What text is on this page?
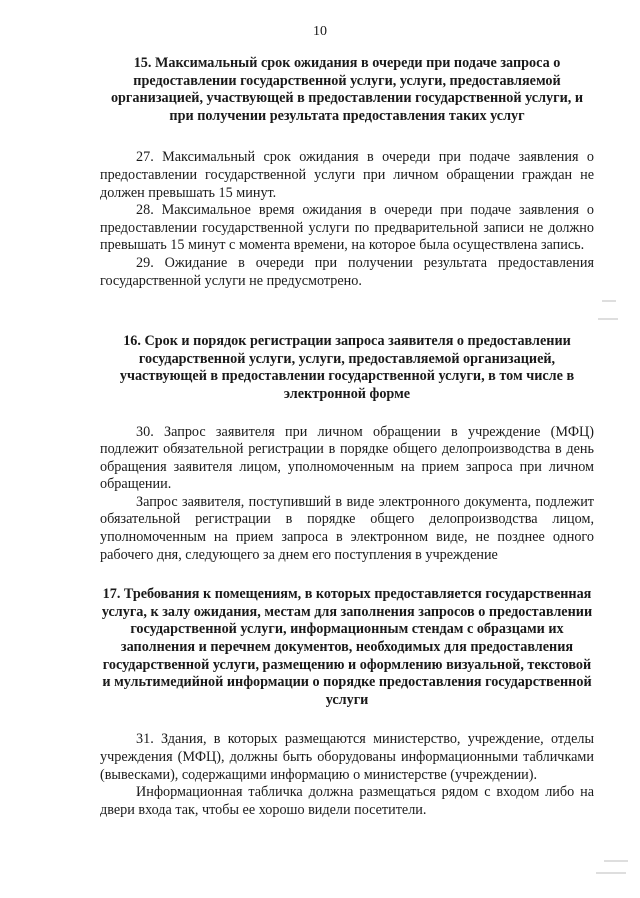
10

15. Максимальный срок ожидания в очереди при подаче запроса о предоставлении государственной услуги, услуги, предоставляемой организацией, участвующей в предоставлении государственной услуги, и при получении результата предоставления таких услуг

27. Максимальный срок ожидания в очереди при подаче заявления о предоставлении государственной услуги при личном обращении граждан не должен превышать 15 минут.

28. Максимальное время ожидания в очереди при подаче заявления о предоставлении государственной услуги по предварительной записи не должно превышать 15 минут с момента времени, на которое была осуществлена запись.

29. Ожидание в очереди при получении результата предоставления государственной услуги не предусмотрено.

16. Срок и порядок регистрации запроса заявителя о предоставлении государственной услуги, услуги, предоставляемой организацией, участвующей в предоставлении государственной услуги, в том числе в электронной форме

30. Запрос заявителя при личном обращении в учреждение (МФЦ) подлежит обязательной регистрации в порядке общего делопроизводства в день обращения заявителя лицом, уполномоченным на прием запроса при личном обращении.

Запрос заявителя, поступивший в виде электронного документа, подлежит обязательной регистрации в порядке общего делопроизводства лицом, уполномоченным на прием запроса в электронном виде, не позднее одного рабочего дня, следующего за днем его поступления в учреждение

17. Требования к помещениям, в которых предоставляется государственная услуга, к залу ожидания, местам для заполнения запросов о предоставлении государственной услуги, информационным стендам с образцами их заполнения и перечнем документов, необходимых для предоставления государственной услуги, размещению и оформлению визуальной, текстовой и мультимедийной информации о порядке предоставления государственной услуги

31. Здания, в которых размещаются министерство, учреждение, отделы учреждения (МФЦ), должны быть оборудованы информационными табличками (вывесками), содержащими информацию о министерстве (учреждении).

Информационная табличка должна размещаться рядом с входом либо на двери входа так, чтобы ее хорошо видели посетители.
